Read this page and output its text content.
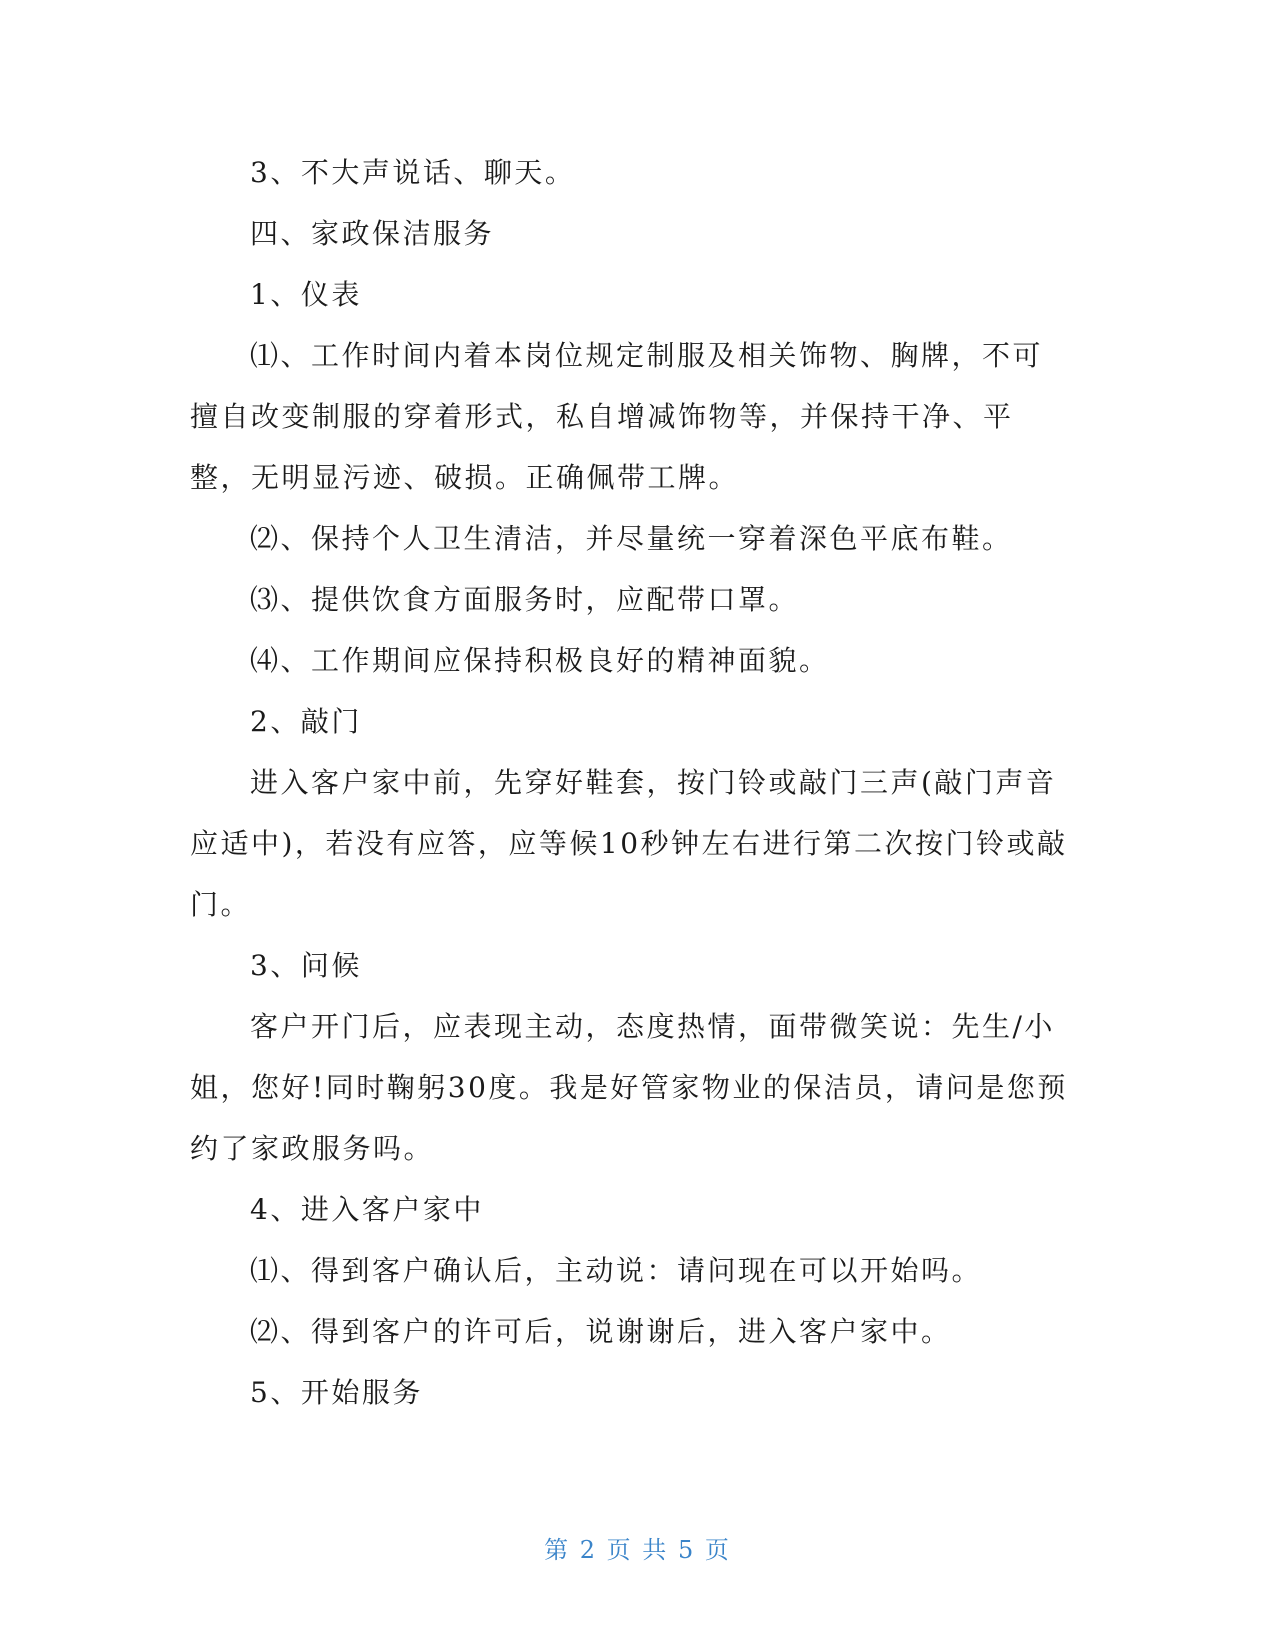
3、不大声说话、聊天。

四、家政保洁服务

1、仪表

⑴、工作时间内着本岗位规定制服及相关饰物、胸牌，不可擅自改变制服的穿着形式，私自增减饰物等，并保持干净、平整，无明显污迹、破损。正确佩带工牌。

⑵、保持个人卫生清洁，并尽量统一穿着深色平底布鞋。

⑶、提供饮食方面服务时，应配带口罩。

⑷、工作期间应保持积极良好的精神面貌。

2、敲门

进入客户家中前，先穿好鞋套，按门铃或敲门三声(敲门声音应适中)，若没有应答，应等候10秒钟左右进行第二次按门铃或敲门。

3、问候

客户开门后，应表现主动，态度热情，面带微笑说：先生/小姐，您好!同时鞠躬30度。我是好管家物业的保洁员，请问是您预约了家政服务吗。

4、进入客户家中

⑴、得到客户确认后，主动说：请问现在可以开始吗。

⑵、得到客户的许可后，说谢谢后，进入客户家中。

5、开始服务

第 2 页 共 5 页
